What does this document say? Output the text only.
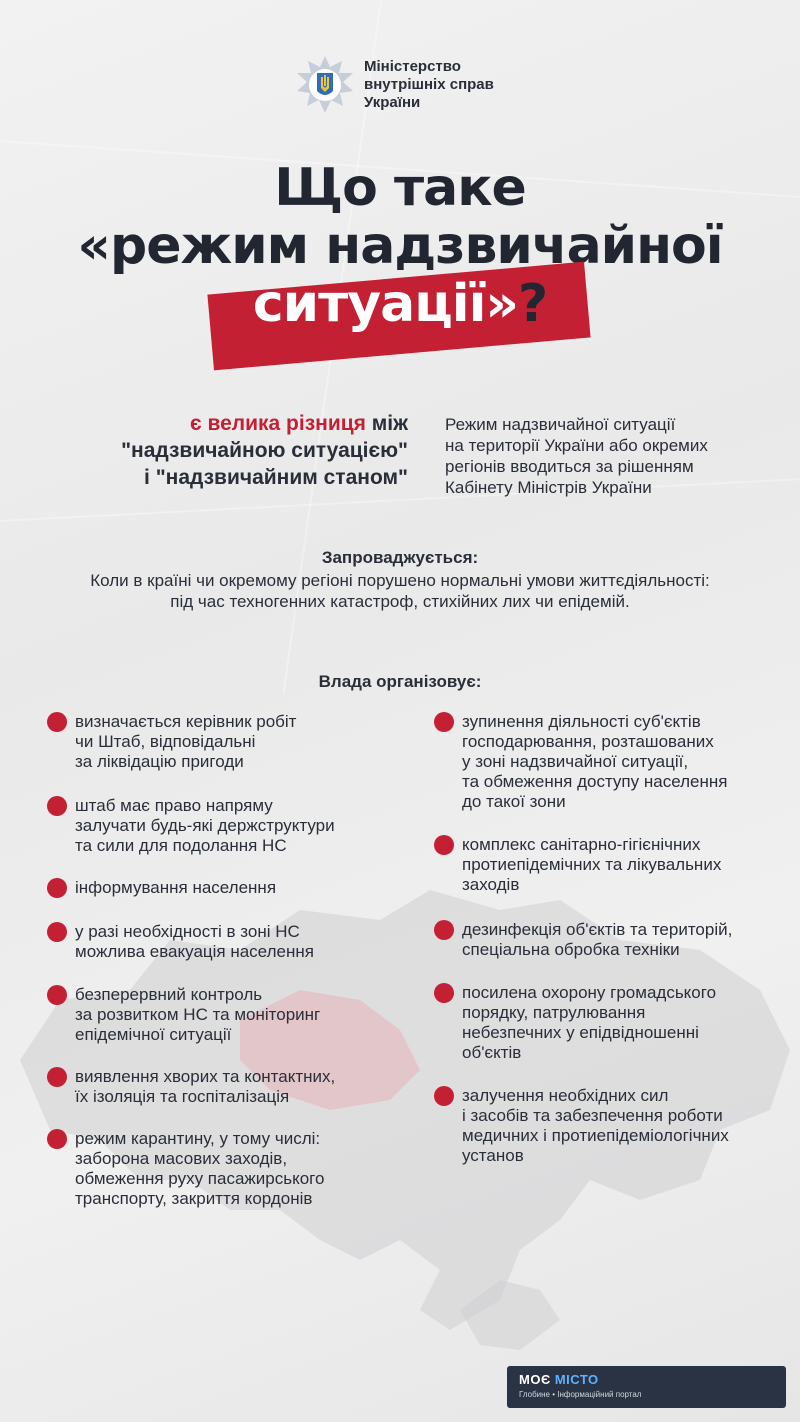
Міністерство
внутрішніх справ
України
Що таке
«режим надзвичайної
ситуації»?
є велика різниця між
"надзвичайною ситуацією"
і "надзвичайним станом"
Режим надзвичайної ситуації
на території України або окремих
регіонів вводиться за рішенням
Кабінету Міністрів України
Запроваджується:
Коли в країні чи окремому регіоні порушено нормальні умови життєдіяльності:
під час техногенних катастроф, стихійних лих чи епідемій.
Влада організовує:
визначається керівник робіт
чи Штаб, відповідальні
за ліквідацію пригоди
штаб має право напряму
залучати будь-які держструктури
та сили для подолання НС
інформування населення
у разі необхідності в зоні НС
можлива евакуація населення
безперервний контроль
за розвитком НС та моніторинг
епідемічної ситуації
виявлення хворих та контактних,
їх ізоляція та госпіталізація
режим карантину, у тому числі:
заборона масових заходів,
обмеження руху пасажирського
транспорту, закриття кордонів
зупинення діяльності суб'єктів
господарювання, розташованих
у зоні надзвичайної ситуації,
та обмеження доступу населення
до такої зони
комплекс санітарно-гігієнічних
протиепідемічних та лікувальних
заходів
дезинфекція об'єктів та територій,
спеціальна обробка техніки
посилена охорону громадського
порядку, патрулювання
небезпечних у епідвідношенні
об'єктів
залучення необхідних сил
і засобів та забезпечення роботи
медичних і протиепідеміологічних
установ
МОЄ МІСТО
Глобине • Інформаційний портал
